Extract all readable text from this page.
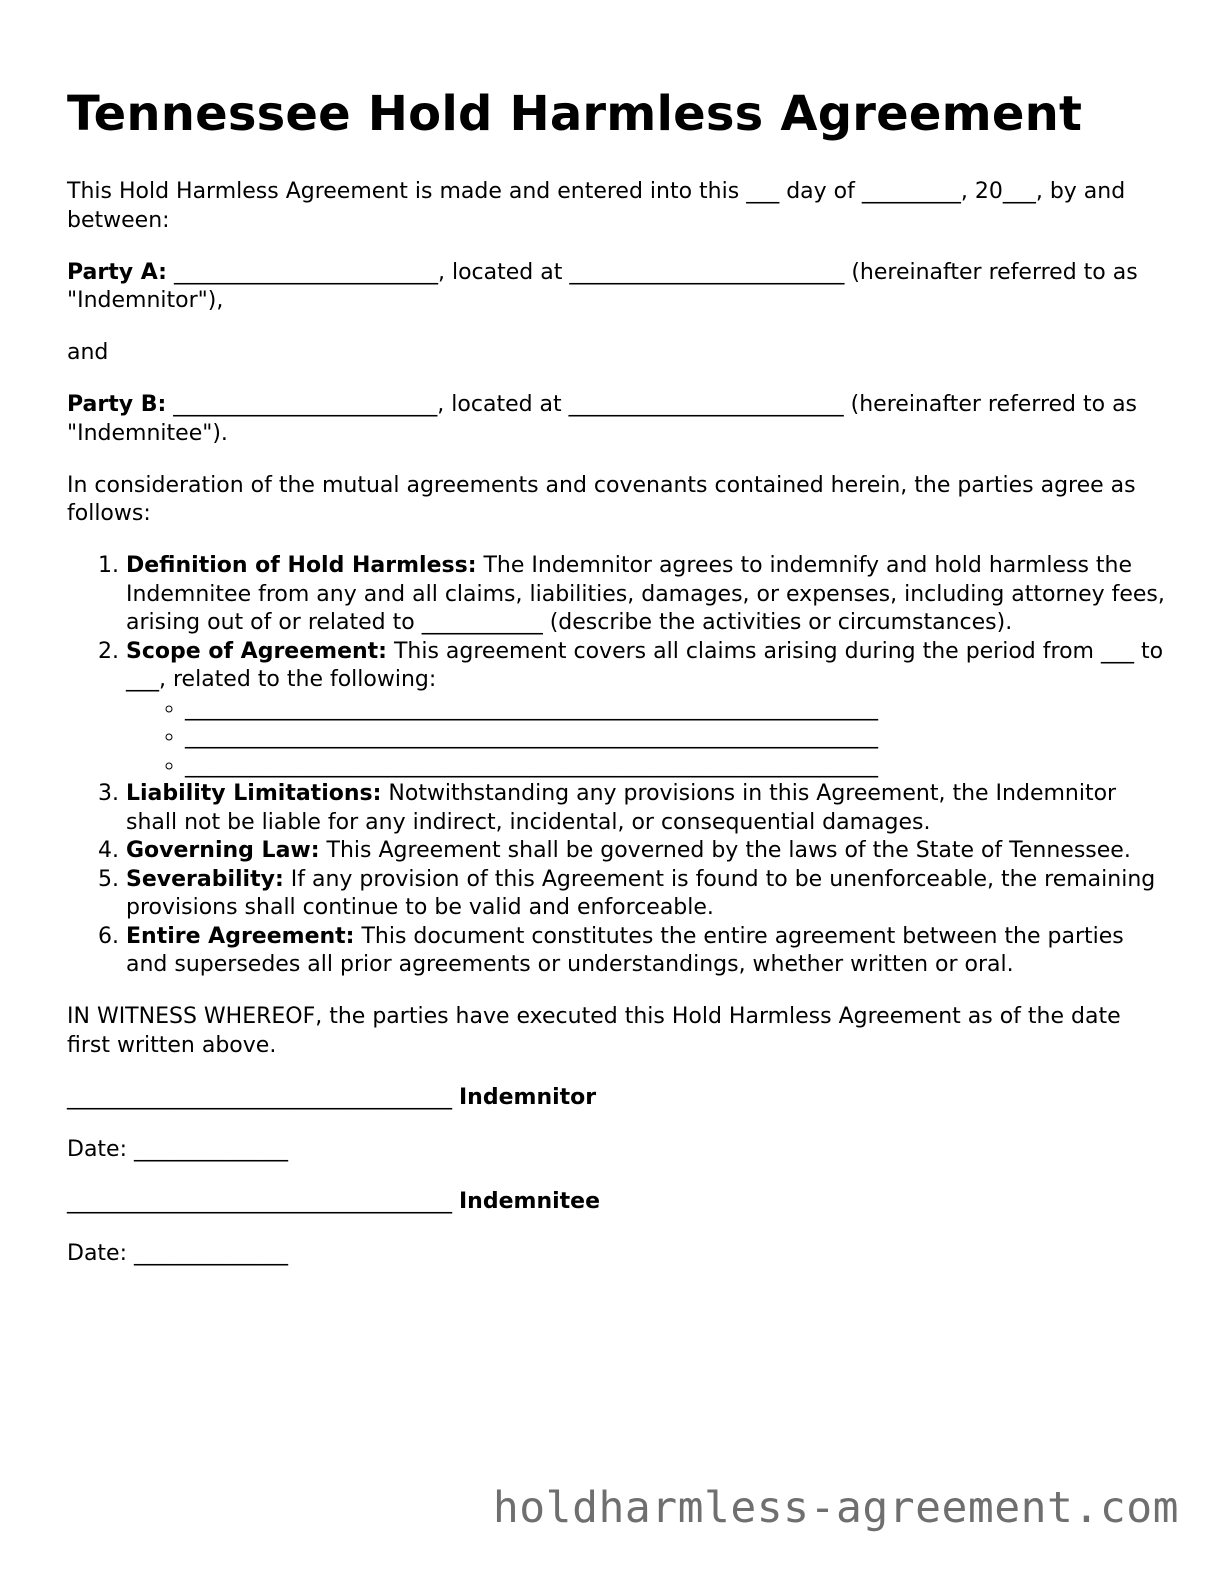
Tennessee Hold Harmless Agreement

This Hold Harmless Agreement is made and entered into this ___ day of _________, 20___, by and between:

Party A: ________________________, located at _________________________ (hereinafter referred to as "Indemnitor"),

and

Party B: ________________________, located at _________________________ (hereinafter referred to as "Indemnitee").

In consideration of the mutual agreements and covenants contained herein, the parties agree as follows:

1. Definition of Hold Harmless: The Indemnitor agrees to indemnify and hold harmless the Indemnitee from any and all claims, liabilities, damages, or expenses, including attorney fees, arising out of or related to ___________ (describe the activities or circumstances).
2. Scope of Agreement: This agreement covers all claims arising during the period from ___ to ___, related to the following:
◦ _______________________________________________________________
◦ _______________________________________________________________
◦ _______________________________________________________________
3. Liability Limitations: Notwithstanding any provisions in this Agreement, the Indemnitor shall not be liable for any indirect, incidental, or consequential damages.
4. Governing Law: This Agreement shall be governed by the laws of the State of Tennessee.
5. Severability: If any provision of this Agreement is found to be unenforceable, the remaining provisions shall continue to be valid and enforceable.
6. Entire Agreement: This document constitutes the entire agreement between the parties and supersedes all prior agreements or understandings, whether written or oral.

IN WITNESS WHEREOF, the parties have executed this Hold Harmless Agreement as of the date first written above.

___________________________________ Indemnitor

Date: ______________

___________________________________ Indemnitee

Date: ______________

holdharmless-agreement.com
